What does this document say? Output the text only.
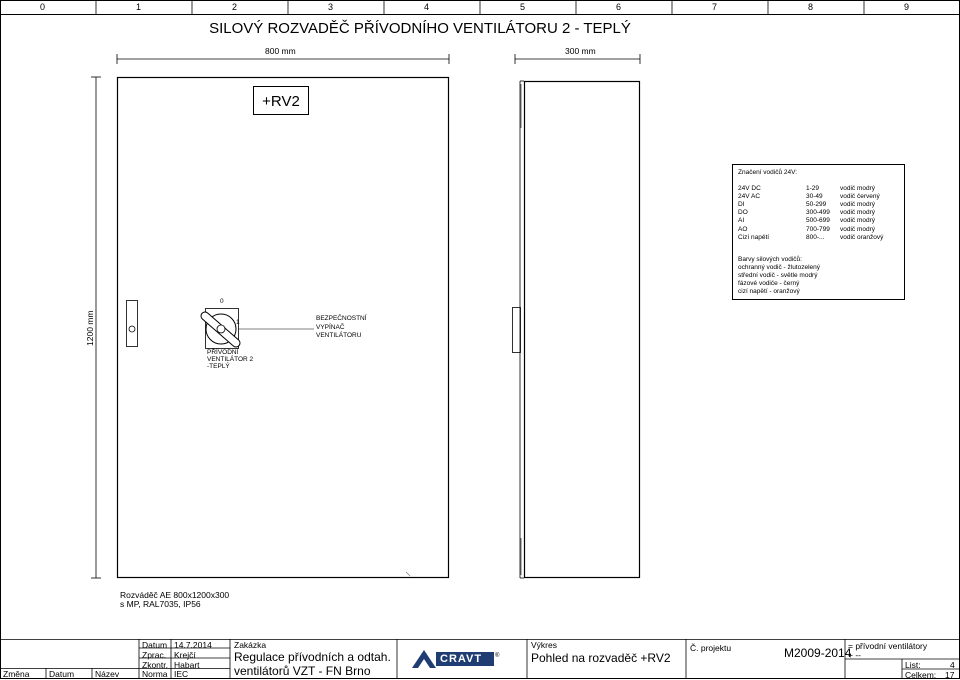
0	1	2	3	4	5	6	7	8	9
SILOVÝ ROZVADĚČ PŘÍVODNÍHO VENTILÁTORU 2 - TEPLÝ
800 mm	300 mm
1200 mm
+RV2
Značení vodičů 24V:
24V DC	1-29	vodič modrý
24V AC	30-49	vodič červený
DI	50-299 vodič modrý
DO	300-499 vodič modrý
AI	500-699 vodič modrý
AO	700-799 vodič modrý
Cizí napětí	800-... vodič oranžový
Barvy silových vodičů:
ochranný vodič - žlutozelený
střední vodič - světle modrý
fázové vodiče - černý
cizí napětí - oranžový
0
1
BEZPEČNOSTNÍ
VYPÍNAČ
VENTILÁTORU
PŘÍVODNÍ
VENTILÁTOR 2
-TEPLÝ
Rozváděč AE 800x1200x300
s MP, RAL7035, IP56
Změna Datum Název
Datum 14.7.2014
Zprac. Krejčí
Zkontr. Habart
Norma IEC
Zakázka
Regulace přívodních a odtah.
ventilátorů VZT - FN Brno
CRAVT ®
Výkres
Pohled na rozvaděč +RV2
Č. projektu	M2009-2014
= přívodní ventilátory
+ --
List:	4
Celkem: 17
